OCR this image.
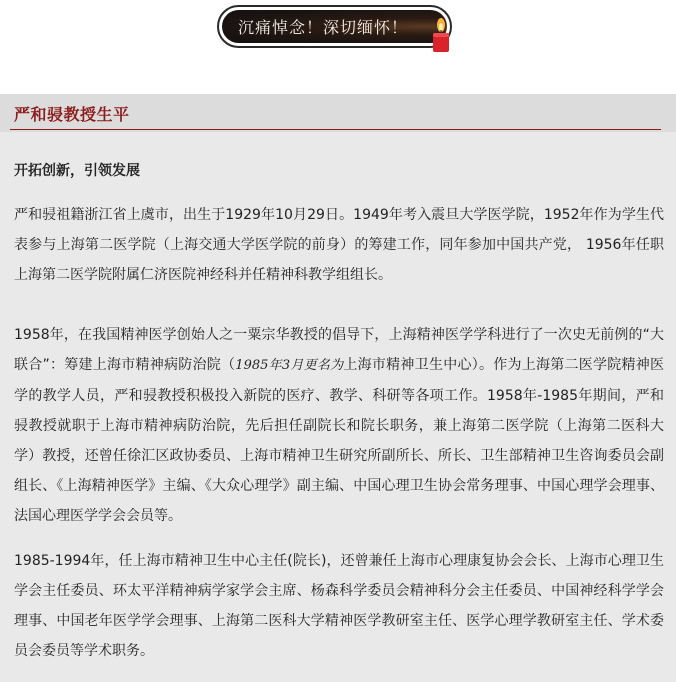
沉痛悼念！深切缅怀！
严和骎教授生平
开拓创新，引领发展

严和骎祖籍浙江省上虞市，出生于1929年10月29日。1949年考入震旦大学医学院，1952年作为学生代表参与上海第二医学院（上海交通大学医学院的前身）的筹建工作，同年参加中国共产党， 1956年任职上海第二医学院附属仁济医院神经科并任精神科教学组组长。

1958年，在我国精神医学创始人之一粟宗华教授的倡导下，上海精神医学学科进行了一次史无前例的“大联合”：筹建上海市精神病防治院（1985年3月更名为上海市精神卫生中心）。作为上海第二医学院精神医学的教学人员，严和骎教授积极投入新院的医疗、教学、科研等各项工作。1958年-1985年期间，严和骎教授就职于上海市精神病防治院，先后担任副院长和院长职务，兼上海第二医学院（上海第二医科大学）教授，还曾任徐汇区政协委员、上海市精神卫生研究所副所长、所长、卫生部精神卫生咨询委员会副组长、《上海精神医学》主编、《大众心理学》副主编、中国心理卫生协会常务理事、中国心理学会理事、法国心理医学学会会员等。

1985-1994年，任上海市精神卫生中心主任(院长)，还曾兼任上海市心理康复协会会长、上海市心理卫生学会主任委员、环太平洋精神病学家学会主席、杨森科学委员会精神科分会主任委员、中国神经科学学会理事、中国老年医学学会理事、上海第二医科大学精神医学教研室主任、医学心理学教研室主任、学术委员会委员等学术职务。
